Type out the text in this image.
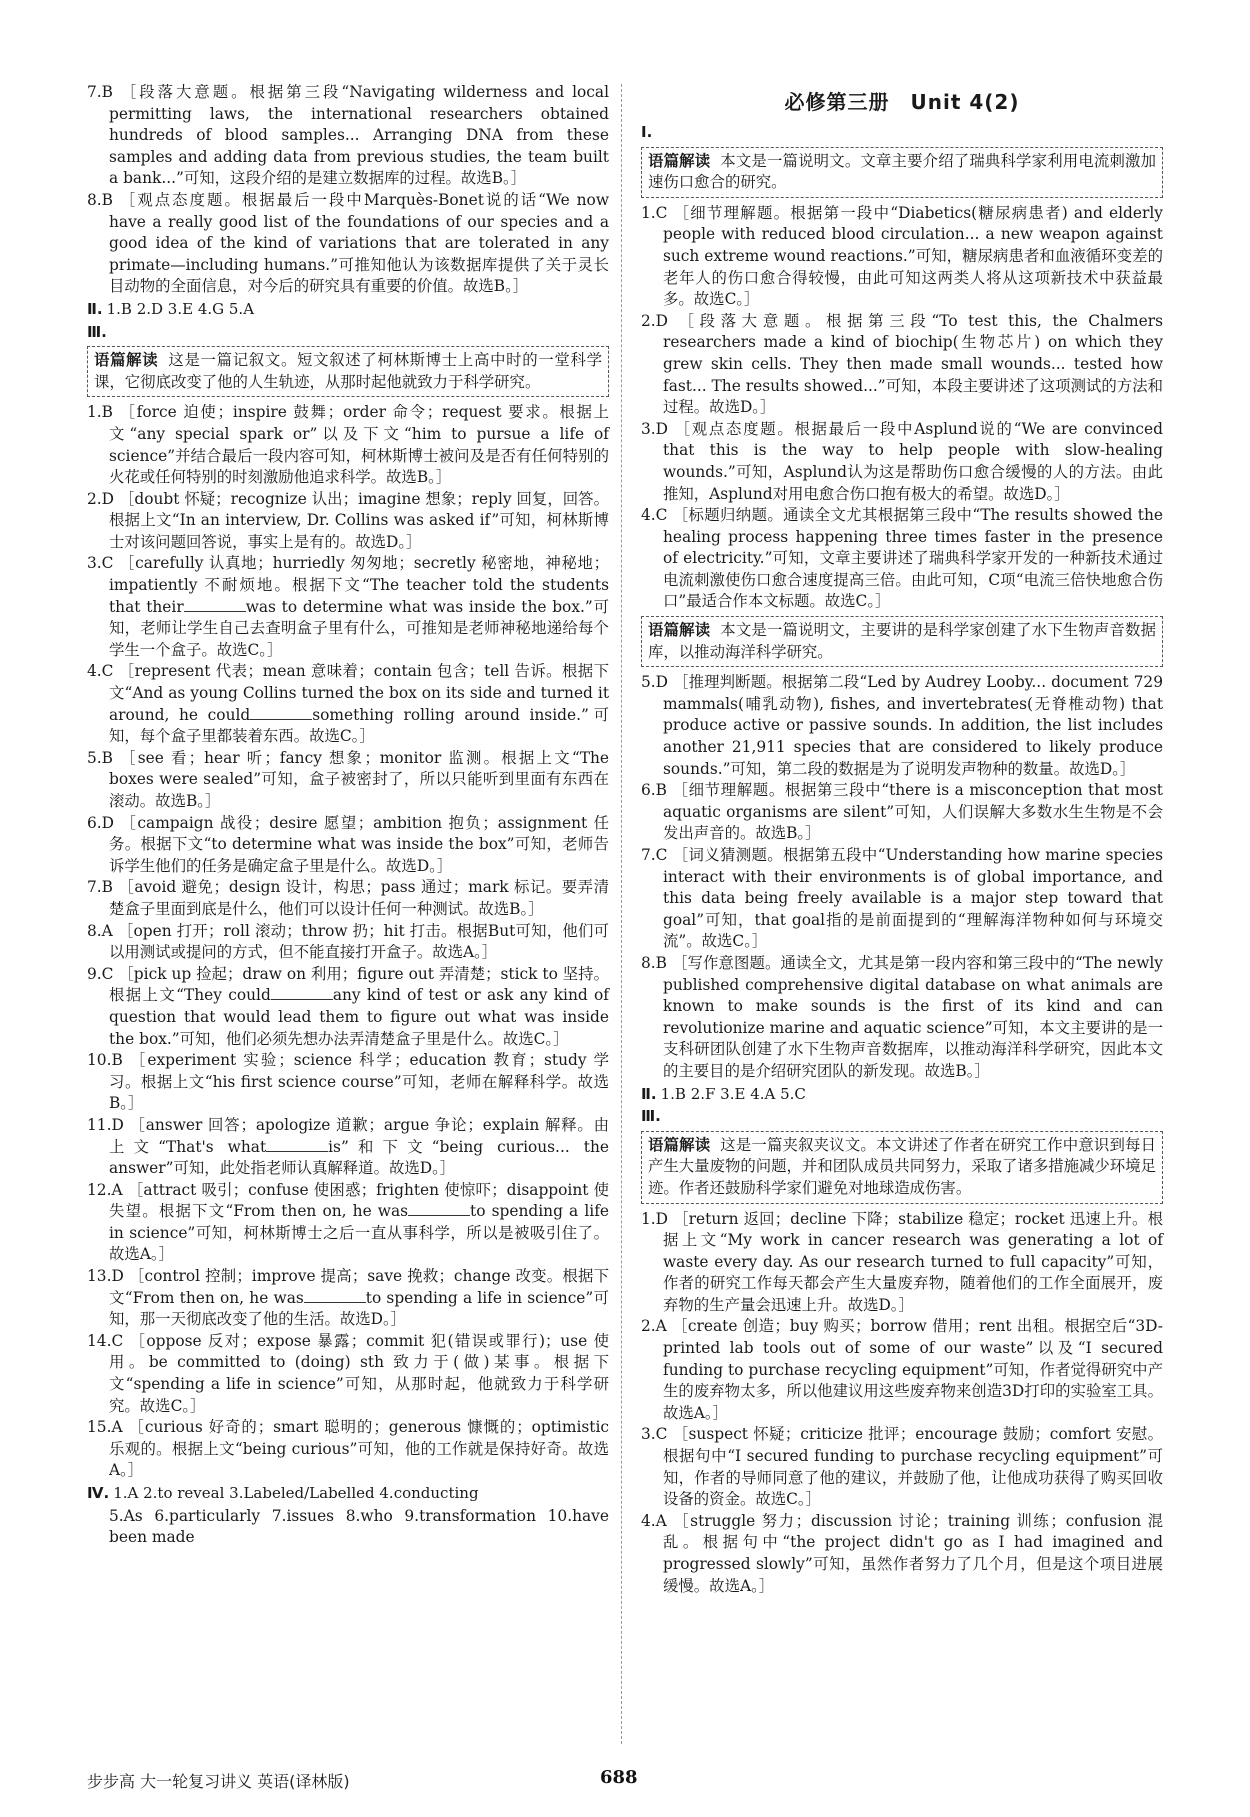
7.B ［段落大意题。根据第三段“Navigating wilderness and local permitting laws, the international researchers obtained hundreds of blood samples... Arranging DNA from these samples and adding data from previous studies, the team built a bank...”可知，这段介绍的是建立数据库的过程。故选B。］

8.B ［观点态度题。根据最后一段中Marquès-Bonet说的话“We now have a really good list of the foundations of our species and a good idea of the kind of variations that are tolerated in any primate—including humans.”可推知他认为该数据库提供了关于灵长目动物的全面信息，对今后的研究具有重要的价值。故选B。］

Ⅱ. 1.B 2.D 3.E 4.G 5.A

Ⅲ.

语篇解读 这是一篇记叙文。短文叙述了柯林斯博士上高中时的一堂科学课，它彻底改变了他的人生轨迹，从那时起他就致力于科学研究。

1.B ［force 迫使；inspire 鼓舞；order 命令；request 要求。根据上文“any special spark or”以及下文“him to pursue a life of science”并结合最后一段内容可知，柯林斯博士被问及是否有任何特别的火花或任何特别的时刻激励他追求科学。故选B。］

2.D ［doubt 怀疑；recognize 认出；imagine 想象；reply 回复，回答。根据上文“In an interview, Dr. Collins was asked if”可知，柯林斯博士对该问题回答说，事实上是有的。故选D。］

3.C ［carefully 认真地；hurriedly 匆匆地；secretly 秘密地，神秘地；impatiently 不耐烦地。根据下文“The teacher told the students that their	was to determine what was inside the box.”可知，老师让学生自己去查明盒子里有什么，可推知是老师神秘地递给每个学生一个盒子。故选C。］

4.C ［represent 代表；mean 意味着；contain 包含；tell 告诉。根据下文“And as young Collins turned the box on its side and turned it around, he could	something rolling around inside.”可知，每个盒子里都装着东西。故选C。］

5.B ［see 看；hear 听；fancy 想象；monitor 监测。根据上文“The boxes were sealed”可知，盒子被密封了，所以只能听到里面有东西在滚动。故选B。］

6.D ［campaign 战役；desire 愿望；ambition 抱负；assignment 任务。根据下文“to determine what was inside the box”可知，老师告诉学生他们的任务是确定盒子里是什么。故选D。］

7.B ［avoid 避免；design 设计，构思；pass 通过；mark 标记。要弄清楚盒子里面到底是什么，他们可以设计任何一种测试。故选B。］

8.A ［open 打开；roll 滚动；throw 扔；hit 打击。根据But可知，他们可以用测试或提问的方式，但不能直接打开盒子。故选A。］

9.C ［pick up 捡起；draw on 利用；figure out 弄清楚；stick to 坚持。根据上文“They could	any kind of test or ask any kind of question that would lead them to figure out what was inside the box.”可知，他们必须先想办法弄清楚盒子里是什么。故选C。］

10.B ［experiment 实验；science 科学；education 教育；study 学习。根据上文“his first science course”可知，老师在解释科学。故选B。］

11.D ［answer 回答；apologize 道歉；argue 争论；explain 解释。由上文“That's what	is”和下文“being curious... the answer”可知，此处指老师认真解释道。故选D。］

12.A ［attract 吸引；confuse 使困惑；frighten 使惊吓；disappoint 使失望。根据下文“From then on, he was	to spending a life in science”可知，柯林斯博士之后一直从事科学，所以是被吸引住了。故选A。］

13.D ［control 控制；improve 提高；save 挽救；change 改变。根据下文“From then on, he was	to spending a life in science”可知，那一天彻底改变了他的生活。故选D。］

14.C ［oppose 反对；expose 暴露；commit 犯(错误或罪行)；use 使用。be committed to (doing) sth 致力于(做)某事。根据下文“spending a life in science”可知，从那时起，他就致力于科学研究。故选C。］

15.A ［curious 好奇的；smart 聪明的；generous 慷慨的；optimistic 乐观的。根据上文“being curious”可知，他的工作就是保持好奇。故选A。］

Ⅳ. 1.A 2.to reveal 3.Labeled/Labelled 4.conducting

5.As 6.particularly 7.issues 8.who 9.transformation 10.have been made

必修第三册　Unit 4(2)

Ⅰ.

语篇解读 本文是一篇说明文。文章主要介绍了瑞典科学家利用电流刺激加速伤口愈合的研究。

1.C ［细节理解题。根据第一段中“Diabetics(糖尿病患者) and elderly people with reduced blood circulation... a new weapon against such extreme wound reactions.”可知，糖尿病患者和血液循环变差的老年人的伤口愈合得较慢，由此可知这两类人将从这项新技术中获益最多。故选C。］

2.D ［段落大意题。根据第三段“To test this, the Chalmers researchers made a kind of biochip(生物芯片) on which they grew skin cells. They then made small wounds... tested how fast... The results showed...”可知，本段主要讲述了这项测试的方法和过程。故选D。］

3.D ［观点态度题。根据最后一段中Asplund说的“We are convinced that this is the way to help people with slow-healing wounds.”可知，Asplund认为这是帮助伤口愈合缓慢的人的方法。由此推知，Asplund对用电愈合伤口抱有极大的希望。故选D。］

4.C ［标题归纳题。通读全文尤其根据第三段中“The results showed the healing process happening three times faster in the presence of electricity.”可知，文章主要讲述了瑞典科学家开发的一种新技术通过电流刺激使伤口愈合速度提高三倍。由此可知，C项“电流三倍快地愈合伤口”最适合作本文标题。故选C。］

语篇解读 本文是一篇说明文，主要讲的是科学家创建了水下生物声音数据库，以推动海洋科学研究。

5.D ［推理判断题。根据第二段“Led by Audrey Looby... document 729 mammals(哺乳动物), fishes, and invertebrates(无脊椎动物) that produce active or passive sounds. In addition, the list includes another 21,911 species that are considered to likely produce sounds.”可知，第二段的数据是为了说明发声物种的数量。故选D。］

6.B ［细节理解题。根据第三段中“there is a misconception that most aquatic organisms are silent”可知，人们误解大多数水生生物是不会发出声音的。故选B。］

7.C ［词义猜测题。根据第五段中“Understanding how marine species interact with their environments is of global importance, and this data being freely available is a major step toward that goal”可知，that goal指的是前面提到的“理解海洋物种如何与环境交流”。故选C。］

8.B ［写作意图题。通读全文，尤其是第一段内容和第三段中的“The newly published comprehensive digital database on what animals are known to make sounds is the first of its kind and can revolutionize marine and aquatic science”可知，本文主要讲的是一支科研团队创建了水下生物声音数据库，以推动海洋科学研究，因此本文的主要目的是介绍研究团队的新发现。故选B。］

Ⅱ. 1.B 2.F 3.E 4.A 5.C

Ⅲ.

语篇解读 这是一篇夹叙夹议文。本文讲述了作者在研究工作中意识到每日产生大量废物的问题，并和团队成员共同努力，采取了诸多措施减少环境足迹。作者还鼓励科学家们避免对地球造成伤害。

1.D ［return 返回；decline 下降；stabilize 稳定；rocket 迅速上升。根据上文“My work in cancer research was generating a lot of waste every day. As our research turned to full capacity”可知，作者的研究工作每天都会产生大量废弃物，随着他们的工作全面展开，废弃物的生产量会迅速上升。故选D。］

2.A ［create 创造；buy 购买；borrow 借用；rent 出租。根据空后“3D-printed lab tools out of some of our waste”以及“I secured funding to purchase recycling equipment”可知，作者觉得研究中产生的废弃物太多，所以他建议用这些废弃物来创造3D打印的实验室工具。故选A。］

3.C ［suspect 怀疑；criticize 批评；encourage 鼓励；comfort 安慰。根据句中“I secured funding to purchase recycling equipment”可知，作者的导师同意了他的建议，并鼓励了他，让他成功获得了购买回收设备的资金。故选C。］

4.A ［struggle 努力；discussion 讨论；training 训练；confusion 混乱。根据句中“the project didn't go as I had imagined and progressed slowly”可知，虽然作者努力了几个月，但是这个项目进展缓慢。故选A。］

步步高 大一轮复习讲义 英语(译林版)	688
